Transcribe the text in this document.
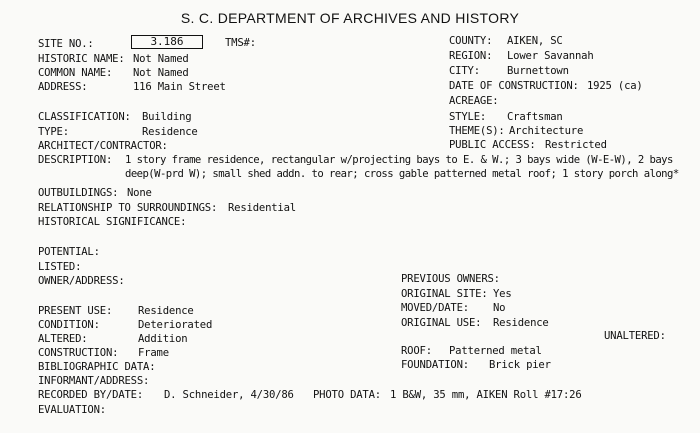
S. C. DEPARTMENT OF ARCHIVES AND HISTORY
SITE NO.:	3.186	TMS#:
HISTORIC NAME: Not Named
COMMON NAME: Not Named
ADDRESS:	116 Main Street
COUNTY: AIKEN, SC
REGION: Lower Savannah
CITY:	Burnettown
DATE OF CONSTRUCTION: 1925 (ca)
ACREAGE:
CLASSIFICATION: Building
TYPE:	Residence
ARCHITECT/CONTRACTOR:
STYLE: Craftsman
THEME(S): Architecture
PUBLIC ACCESS: Restricted
DESCRIPTION: 1 story frame residence, rectangular w/projecting bays to E. & W.; 3 bays wide (W-E-W), 2 bays
deep(W-prd W); small shed addn. to rear; cross gable patterned metal roof; 1 story porch along*
OUTBUILDINGS: None
RELATIONSHIP TO SURROUNDINGS: Residential
HISTORICAL SIGNIFICANCE:
POTENTIAL:
LISTED:
OWNER/ADDRESS:	PREVIOUS OWNERS:
ORIGINAL SITE: Yes
MOVED/DATE: No
ORIGINAL USE: Residence
UNALTERED:
PRESENT USE: Residence
CONDITION:	Deteriorated
ALTERED:	Addition
CONSTRUCTION: Frame	ROOF: Patterned metal
FOUNDATION: Brick pier
BIBLIOGRAPHIC DATA:
INFORMANT/ADDRESS:
RECORDED BY/DATE: D. Schneider, 4/30/86 PHOTO DATA: 1 B&W, 35 mm, AIKEN Roll #17:26
EVALUATION:
